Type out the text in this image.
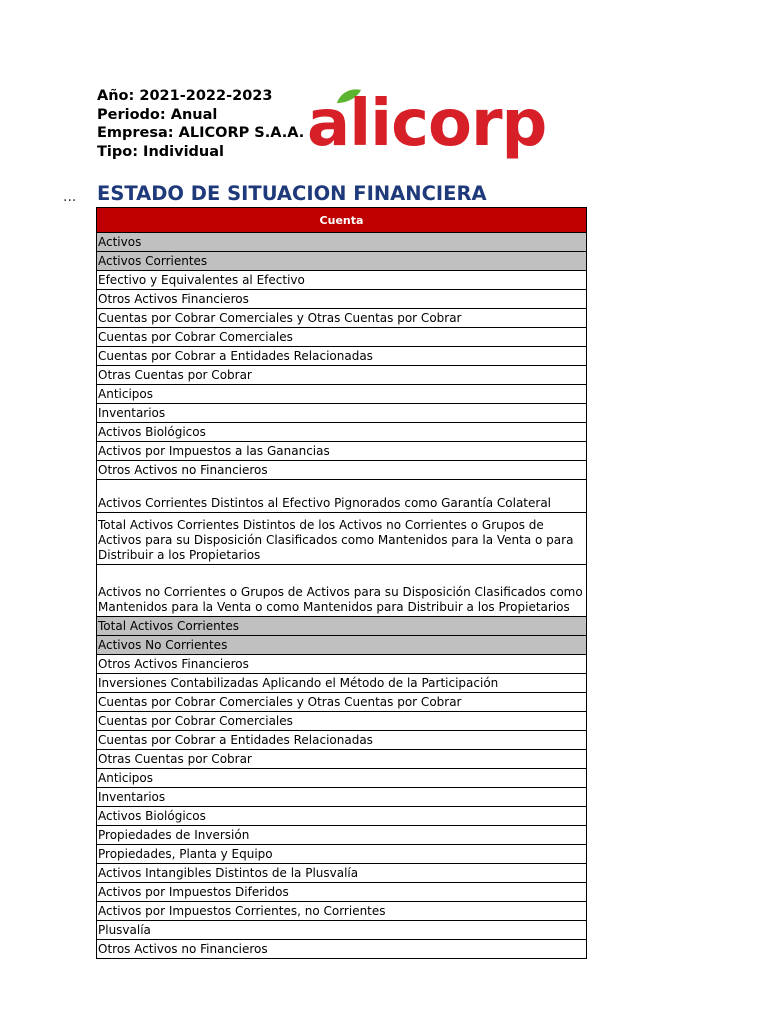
Año: 2021-2022-2023
Periodo: Anual
Empresa: ALICORP S.A.A.
Tipo: Individual	alicorp
... ESTADO DE SITUACION FINANCIERA
Cuenta
Activos
Activos Corrientes
Efectivo y Equivalentes al Efectivo
Otros Activos Financieros
Cuentas por Cobrar Comerciales y Otras Cuentas por Cobrar
Cuentas por Cobrar Comerciales
Cuentas por Cobrar a Entidades Relacionadas
Otras Cuentas por Cobrar
Anticipos
Inventarios
Activos Biológicos
Activos por Impuestos a las Ganancias
Otros Activos no Financieros
Activos Corrientes Distintos al Efectivo Pignorados como Garantía Colateral
Total Activos Corrientes Distintos de los Activos no Corrientes o Grupos de Activos para su Disposición Clasificados como Mantenidos para la Venta o para Distribuir a los Propietarios
Activos no Corrientes o Grupos de Activos para su Disposición Clasificados como Mantenidos para la Venta o como Mantenidos para Distribuir a los Propietarios
Total Activos Corrientes
Activos No Corrientes
Otros Activos Financieros
Inversiones Contabilizadas Aplicando el Método de la Participación
Cuentas por Cobrar Comerciales y Otras Cuentas por Cobrar
Cuentas por Cobrar Comerciales
Cuentas por Cobrar a Entidades Relacionadas
Otras Cuentas por Cobrar
Anticipos
Inventarios
Activos Biológicos
Propiedades de Inversión
Propiedades, Planta y Equipo
Activos Intangibles Distintos de la Plusvalía
Activos por Impuestos Diferidos
Activos por Impuestos Corrientes, no Corrientes
Plusvalía
Otros Activos no Financieros
